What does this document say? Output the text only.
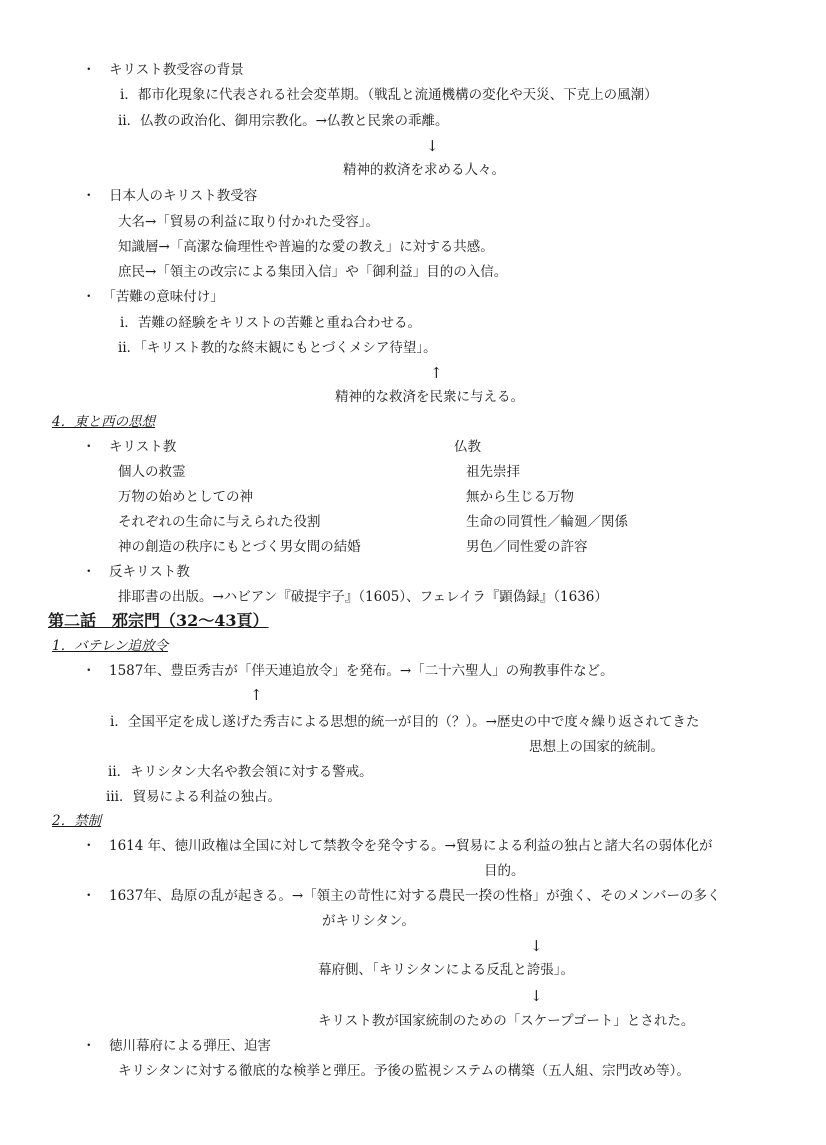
・　キリスト教受容の背景
ⅰ．都市化現象に代表される社会変革期。（戦乱と流通機構の変化や天災、下克上の風潮）
ⅱ．仏教の政治化、御用宗教化。→仏教と民衆の乖離。
↓
精神的救済を求める人々。
・　日本人のキリスト教受容
大名→「貿易の利益に取り付かれた受容」。
知識層→「高潔な倫理性や普遍的な愛の教え」に対する共感。
庶民→「領主の改宗による集団入信」や「御利益」目的の入信。
・　「苦難の意味付け」
ⅰ．苦難の経験をキリストの苦難と重ね合わせる。
ⅱ．「キリスト教的な終末観にもとづくメシア待望」。
↑
精神的な救済を民衆に与える。
4．東と西の思想
・　キリスト教	仏教
個人の救霊	祖先崇拝
万物の始めとしての神	無から生じる万物
それぞれの生命に与えられた役割	生命の同質性／輪廻／関係
神の創造の秩序にもとづく男女間の結婚	男色／同性愛の許容
・　反キリスト教
排耶書の出版。→ハビアン『破提宇子』（1605）、フェレイラ『顕偽録』（1636）
第二話　邪宗門（32～43頁）
1．バテレン追放令
・　1587年、豊臣秀吉が「伴天連追放令」を発布。→「二十六聖人」の殉教事件など。
↑
ⅰ．全国平定を成し遂げた秀吉による思想的統一が目的（？）。→歴史の中で度々繰り返されてきた
思想上の国家的統制。
ⅱ．キリシタン大名や教会領に対する警戒。
ⅲ．貿易による利益の独占。
2．禁制
・　1614 年、徳川政権は全国に対して禁教令を発令する。→貿易による利益の独占と諸大名の弱体化が
目的。
・　1637年、島原の乱が起きる。→「領主の苛性に対する農民一揆の性格」が強く、そのメンバーの多く
がキリシタン。
↓
幕府側、「キリシタンによる反乱と誇張」。
↓
キリスト教が国家統制のための「スケープゴート」とされた。
・　徳川幕府による弾圧、迫害
キリシタンに対する徹底的な検挙と弾圧。予後の監視システムの構築（五人組、宗門改め等）。
